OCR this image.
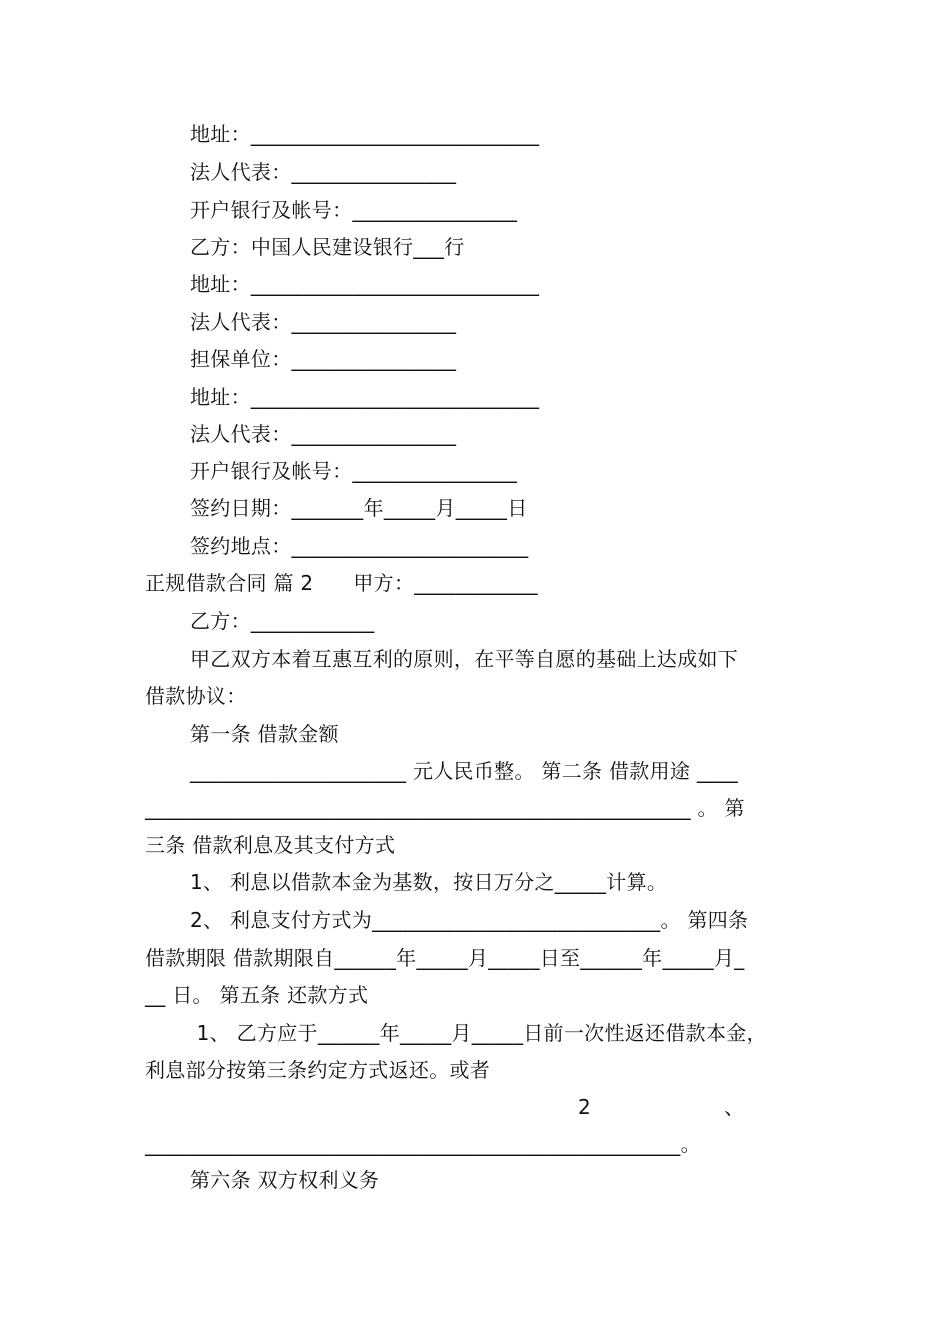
地址：____________________________
法人代表：________________
开户银行及帐号：________________
乙方：中国人民建设银行___行
地址：____________________________
法人代表：________________
担保单位：________________
地址：____________________________
法人代表：________________
开户银行及帐号：________________
签约日期：_______年_____月_____日
签约地点：_______________________
正规借款合同 篇 2      甲方：____________
乙方：____________
甲乙双方本着互惠互利的原则，在平等自愿的基础上达成如下
借款协议：
第一条 借款金额
_____________________ 元人民币整。 第二条 借款用途 ____
_____________________________________________________ 。 第
三条 借款利息及其支付方式
1、 利息以借款本金为基数，按日万分之_____计算。
2、 利息支付方式为____________________________。 第四条
借款期限 借款期限自______年_____月_____日至______年_____月_
__ 日。 第五条 还款方式
1、 乙方应于______年_____月_____日前一次性返还借款本金，
利息部分按第三条约定方式返还。或者
2                    、
____________________________________________________。
第六条 双方权利义务
